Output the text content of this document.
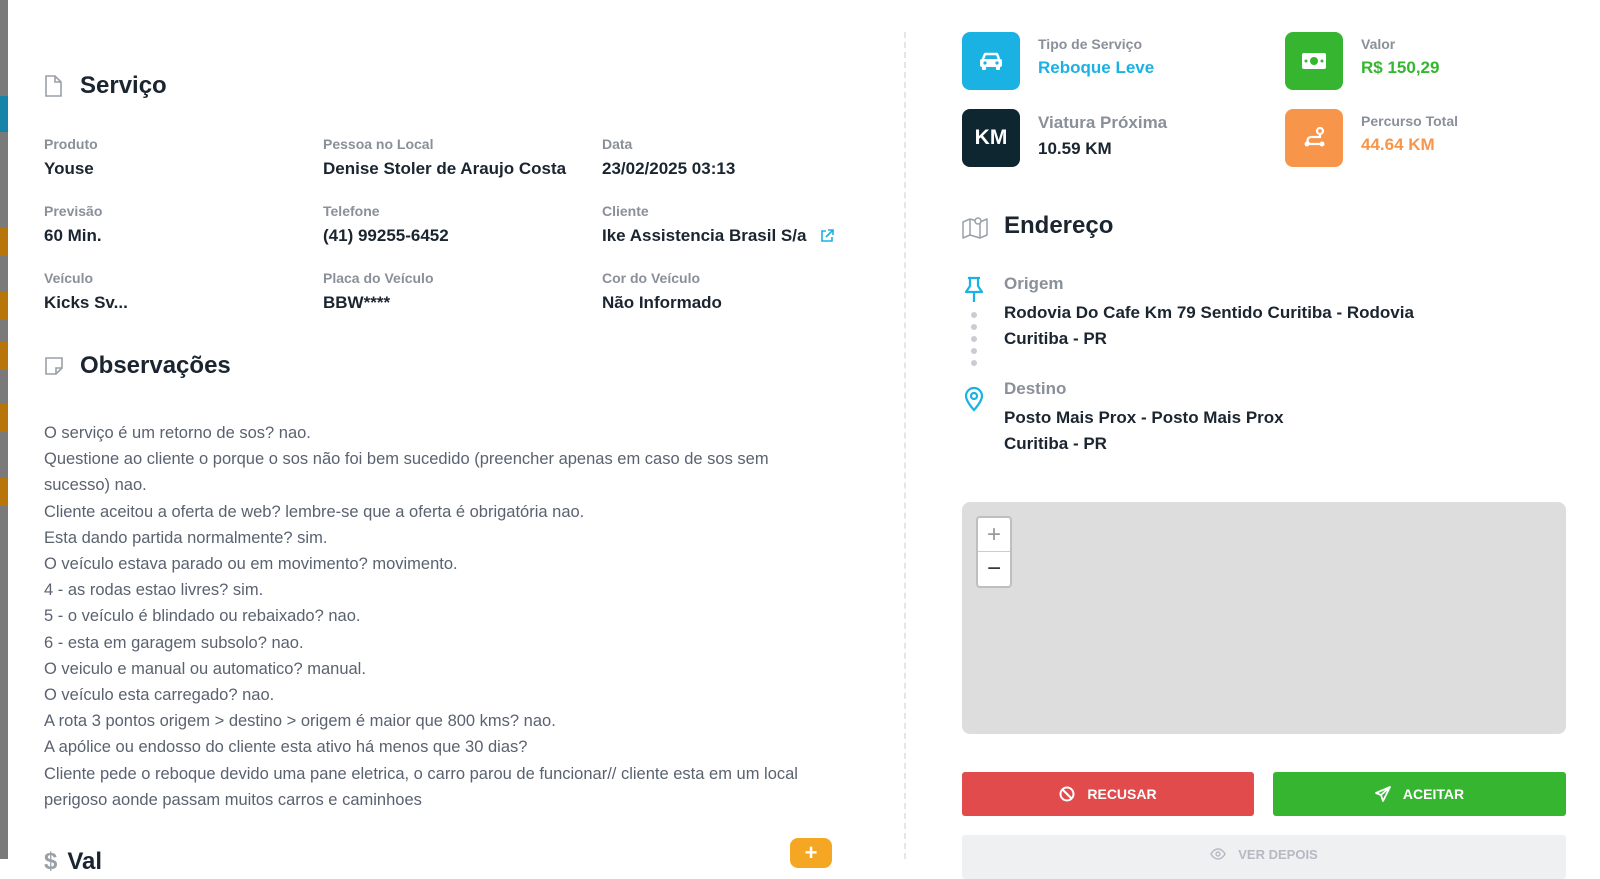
Serviço
Produto
Youse
Pessoa no Local
Denise Stoler de Araujo Costa
Data
23/02/2025 03:13
Previsão
60 Min.
Telefone
(41) 99255-6452
Cliente
Ike Assistencia Brasil S/a
Veículo
Kicks Sv...
Placa do Veículo
BBW****
Cor do Veículo
Não Informado
Observações
O serviço é um retorno de sos? nao.
Questione ao cliente o porque o sos não foi bem sucedido (preencher apenas em caso de sos sem
sucesso) nao.
Cliente aceitou a oferta de web? lembre-se que a oferta é obrigatória nao.
Esta dando partida normalmente? sim.
O veículo estava parado ou em movimento? movimento.
4 - as rodas estao livres? sim.
5 - o veículo é blindado ou rebaixado? nao.
6 - esta em garagem subsolo? nao.
O veiculo e manual ou automatico? manual.
O veículo esta carregado? nao.
A rota 3 pontos origem > destino > origem é maior que 800 kms? nao.
A apólice ou endosso do cliente esta ativo há menos que 30 dias?
Cliente pede o reboque devido uma pane eletrica, o carro parou de funcionar// cliente esta em um local
perigoso aonde passam muitos carros e caminhoes
$ Val	+
Tipo de Serviço
Reboque Leve
Valor
R$ 150,29
KM
Viatura Próxima
10.59 KM
Percurso Total
44.64 KM
Endereço
Origem
Rodovia Do Cafe Km 79 Sentido Curitiba - Rodovia
Curitiba - PR
Destino
Posto Mais Prox - Posto Mais Prox
Curitiba - PR
+
−
RECUSAR	ACEITAR
VER DEPOIS
